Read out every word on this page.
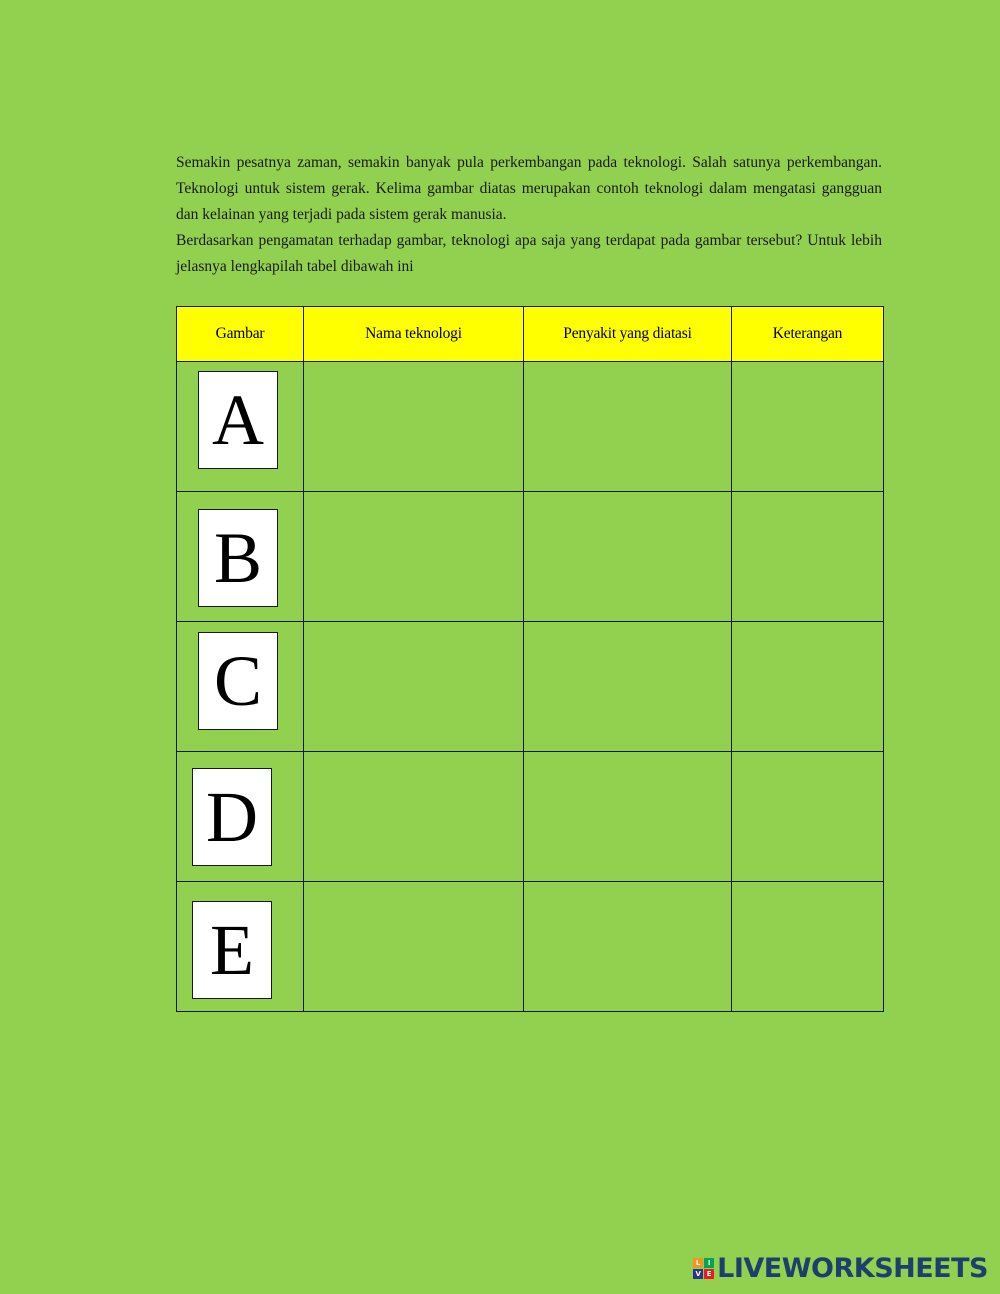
Semakin pesatnya zaman, semakin banyak pula perkembangan pada teknologi. Salah satunya perkembangan. Teknologi untuk sistem gerak. Kelima gambar diatas merupakan contoh teknologi dalam mengatasi gangguan dan kelainan yang terjadi pada sistem gerak manusia.

Berdasarkan pengamatan terhadap gambar, teknologi apa saja yang terdapat pada gambar tersebut? Untuk lebih jelasnya lengkapilah tabel dibawah ini

Gambar	Nama teknologi	Penyakit yang diatasi	Keterangan

A			

B			

C			

D			

E			

L	I
V E LIVEWORKSHEETS
